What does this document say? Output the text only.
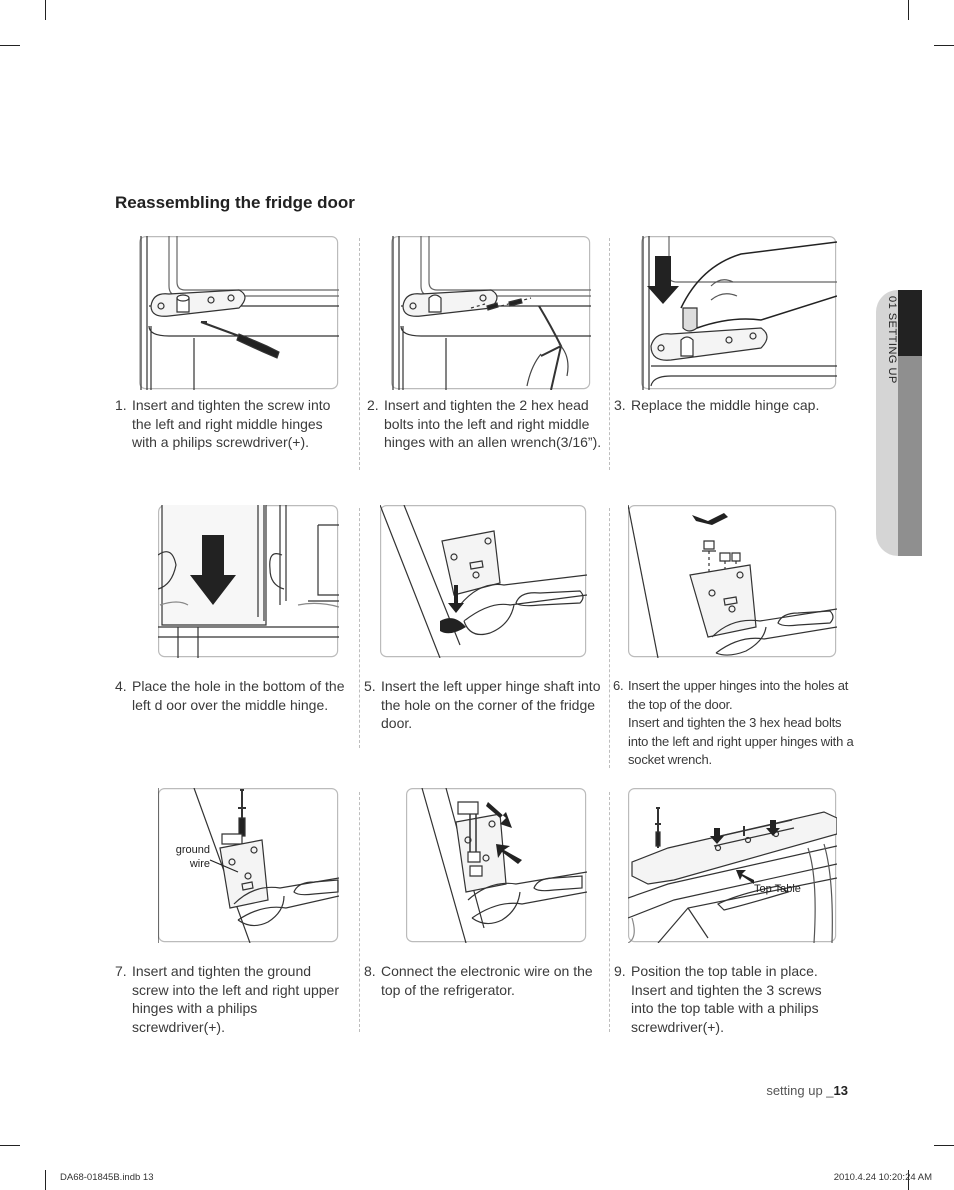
Reassembling the fridge door
01 SETTING UP
1. Insert and tighten the screw into the left and right middle hinges with a philips screwdriver(+).
2. Insert and tighten the 2 hex head bolts into the left and right middle hinges with an allen wrench(3/16”).
3. Replace the middle hinge cap.
4. Place the hole in the bottom of the left d oor over the middle hinge.
5. Insert the left upper hinge shaft into the hole on the corner of the fridge door.
6. Insert the upper hinges into the holes at the top of the door.
Insert and tighten the 3 hex head bolts into the left and right upper hinges with a socket wrench.
ground
wire
Top Table
7. Insert and tighten the ground screw into the left and right upper hinges with a philips screwdriver(+).
8. Connect the electronic wire on the top of the refrigerator.
9. Position the top table in place. Insert and tighten the 3 screws into the top table with a philips screwdriver(+).
setting up _13
DA68-01845B.indb 13	2010.4.24 10:20:24 AM
